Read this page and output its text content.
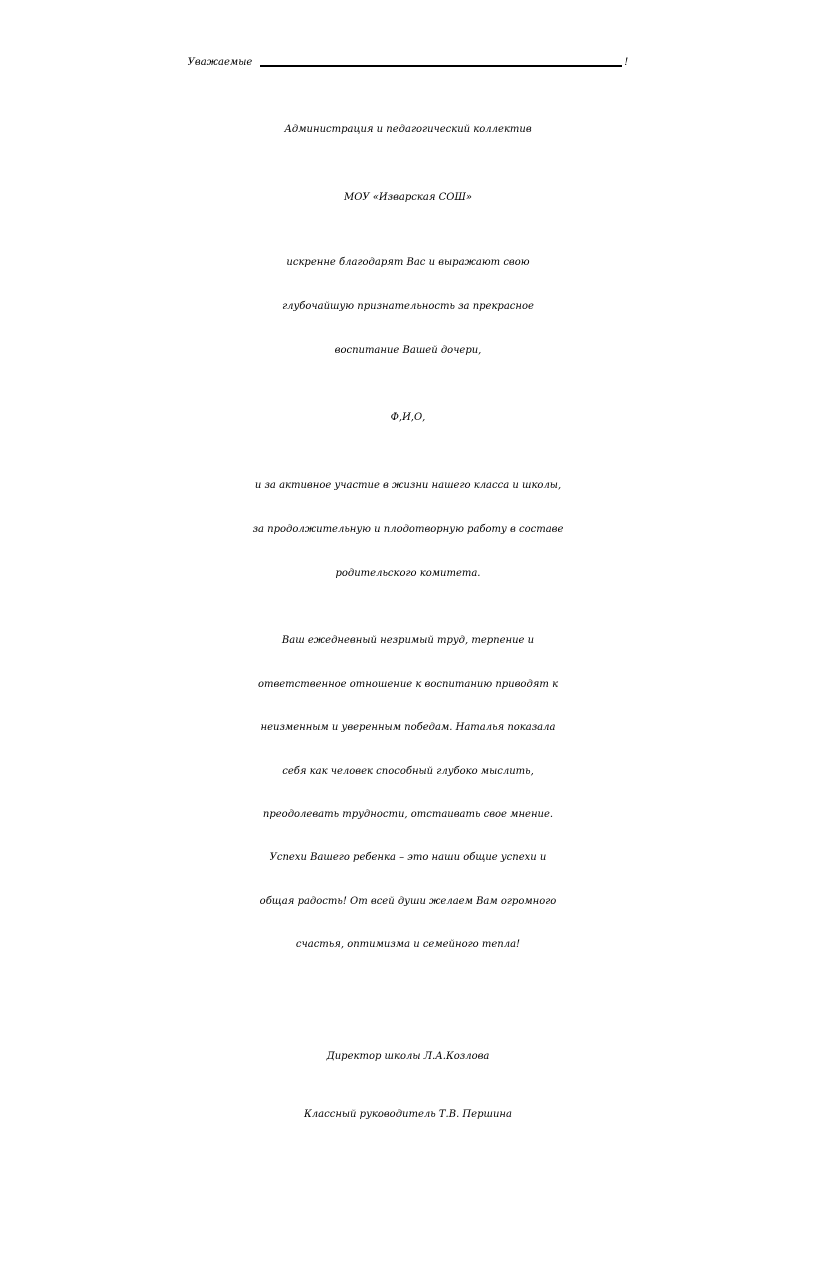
Уважаемые	!
Администрация и педагогический коллектив
МОУ «Изварская СОШ»
искренне благодарят Вас и выражают свою
глубочайшую признательность за прекрасное
воспитание Вашей дочери,
Ф,И,О,
и за активное участие в жизни нашего класса и школы,
за продолжительную и плодотворную работу в составе
родительского комитета.
Ваш ежедневный незримый труд, терпение и
ответственное отношение к воспитанию приводят к
неизменным и уверенным победам. Наталья показала
себя как человек способный глубоко мыслить,
преодолевать трудности, отстаивать свое мнение.
Успехи Вашего ребенка – это наши общие успехи и
общая радость! От всей души желаем Вам огромного
счастья, оптимизма и семейного тепла!
Директор школы Л.А.Козлова
Классный руководитель Т.В. Першина
